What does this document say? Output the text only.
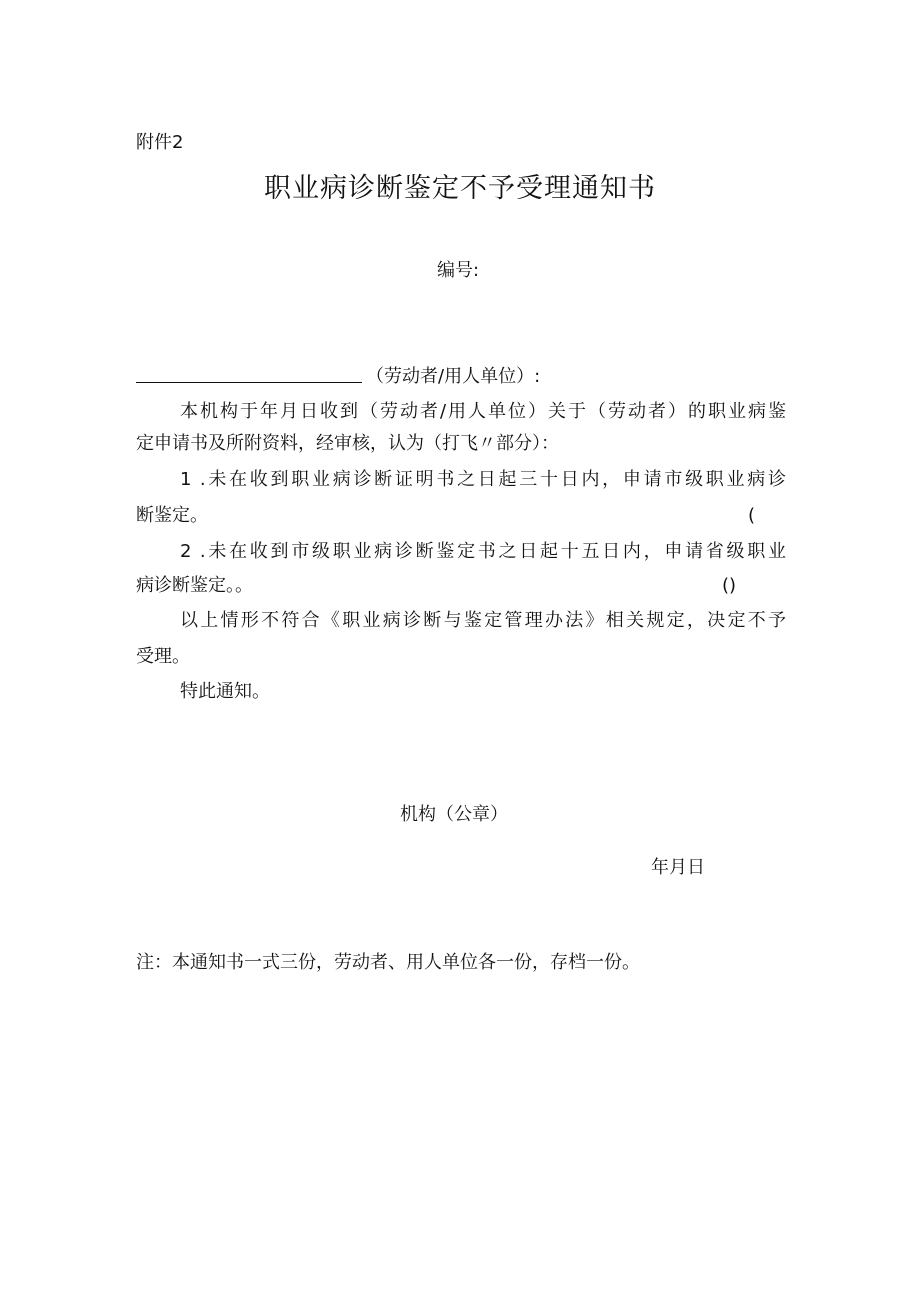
附件2
职业病诊断鉴定不予受理通知书
编号:
（劳动者/用人单位）:
本机构于年月日收到（劳动者/用人单位）关于（劳动者）的职业病鉴
定申请书及所附资料，经审核，认为（打飞〃部分）：
1 .未在收到职业病诊断证明书之日起三十日内，申请市级职业病诊
断鉴定。	(
2 .未在收到市级职业病诊断鉴定书之日起十五日内，申请省级职业
病诊断鉴定。。	()
以上情形不符合《职业病诊断与鉴定管理办法》相关规定，决定不予
受理。
特此通知。
机构（公章）
年月日
注：本通知书一式三份，劳动者、用人单位各一份，存档一份。
